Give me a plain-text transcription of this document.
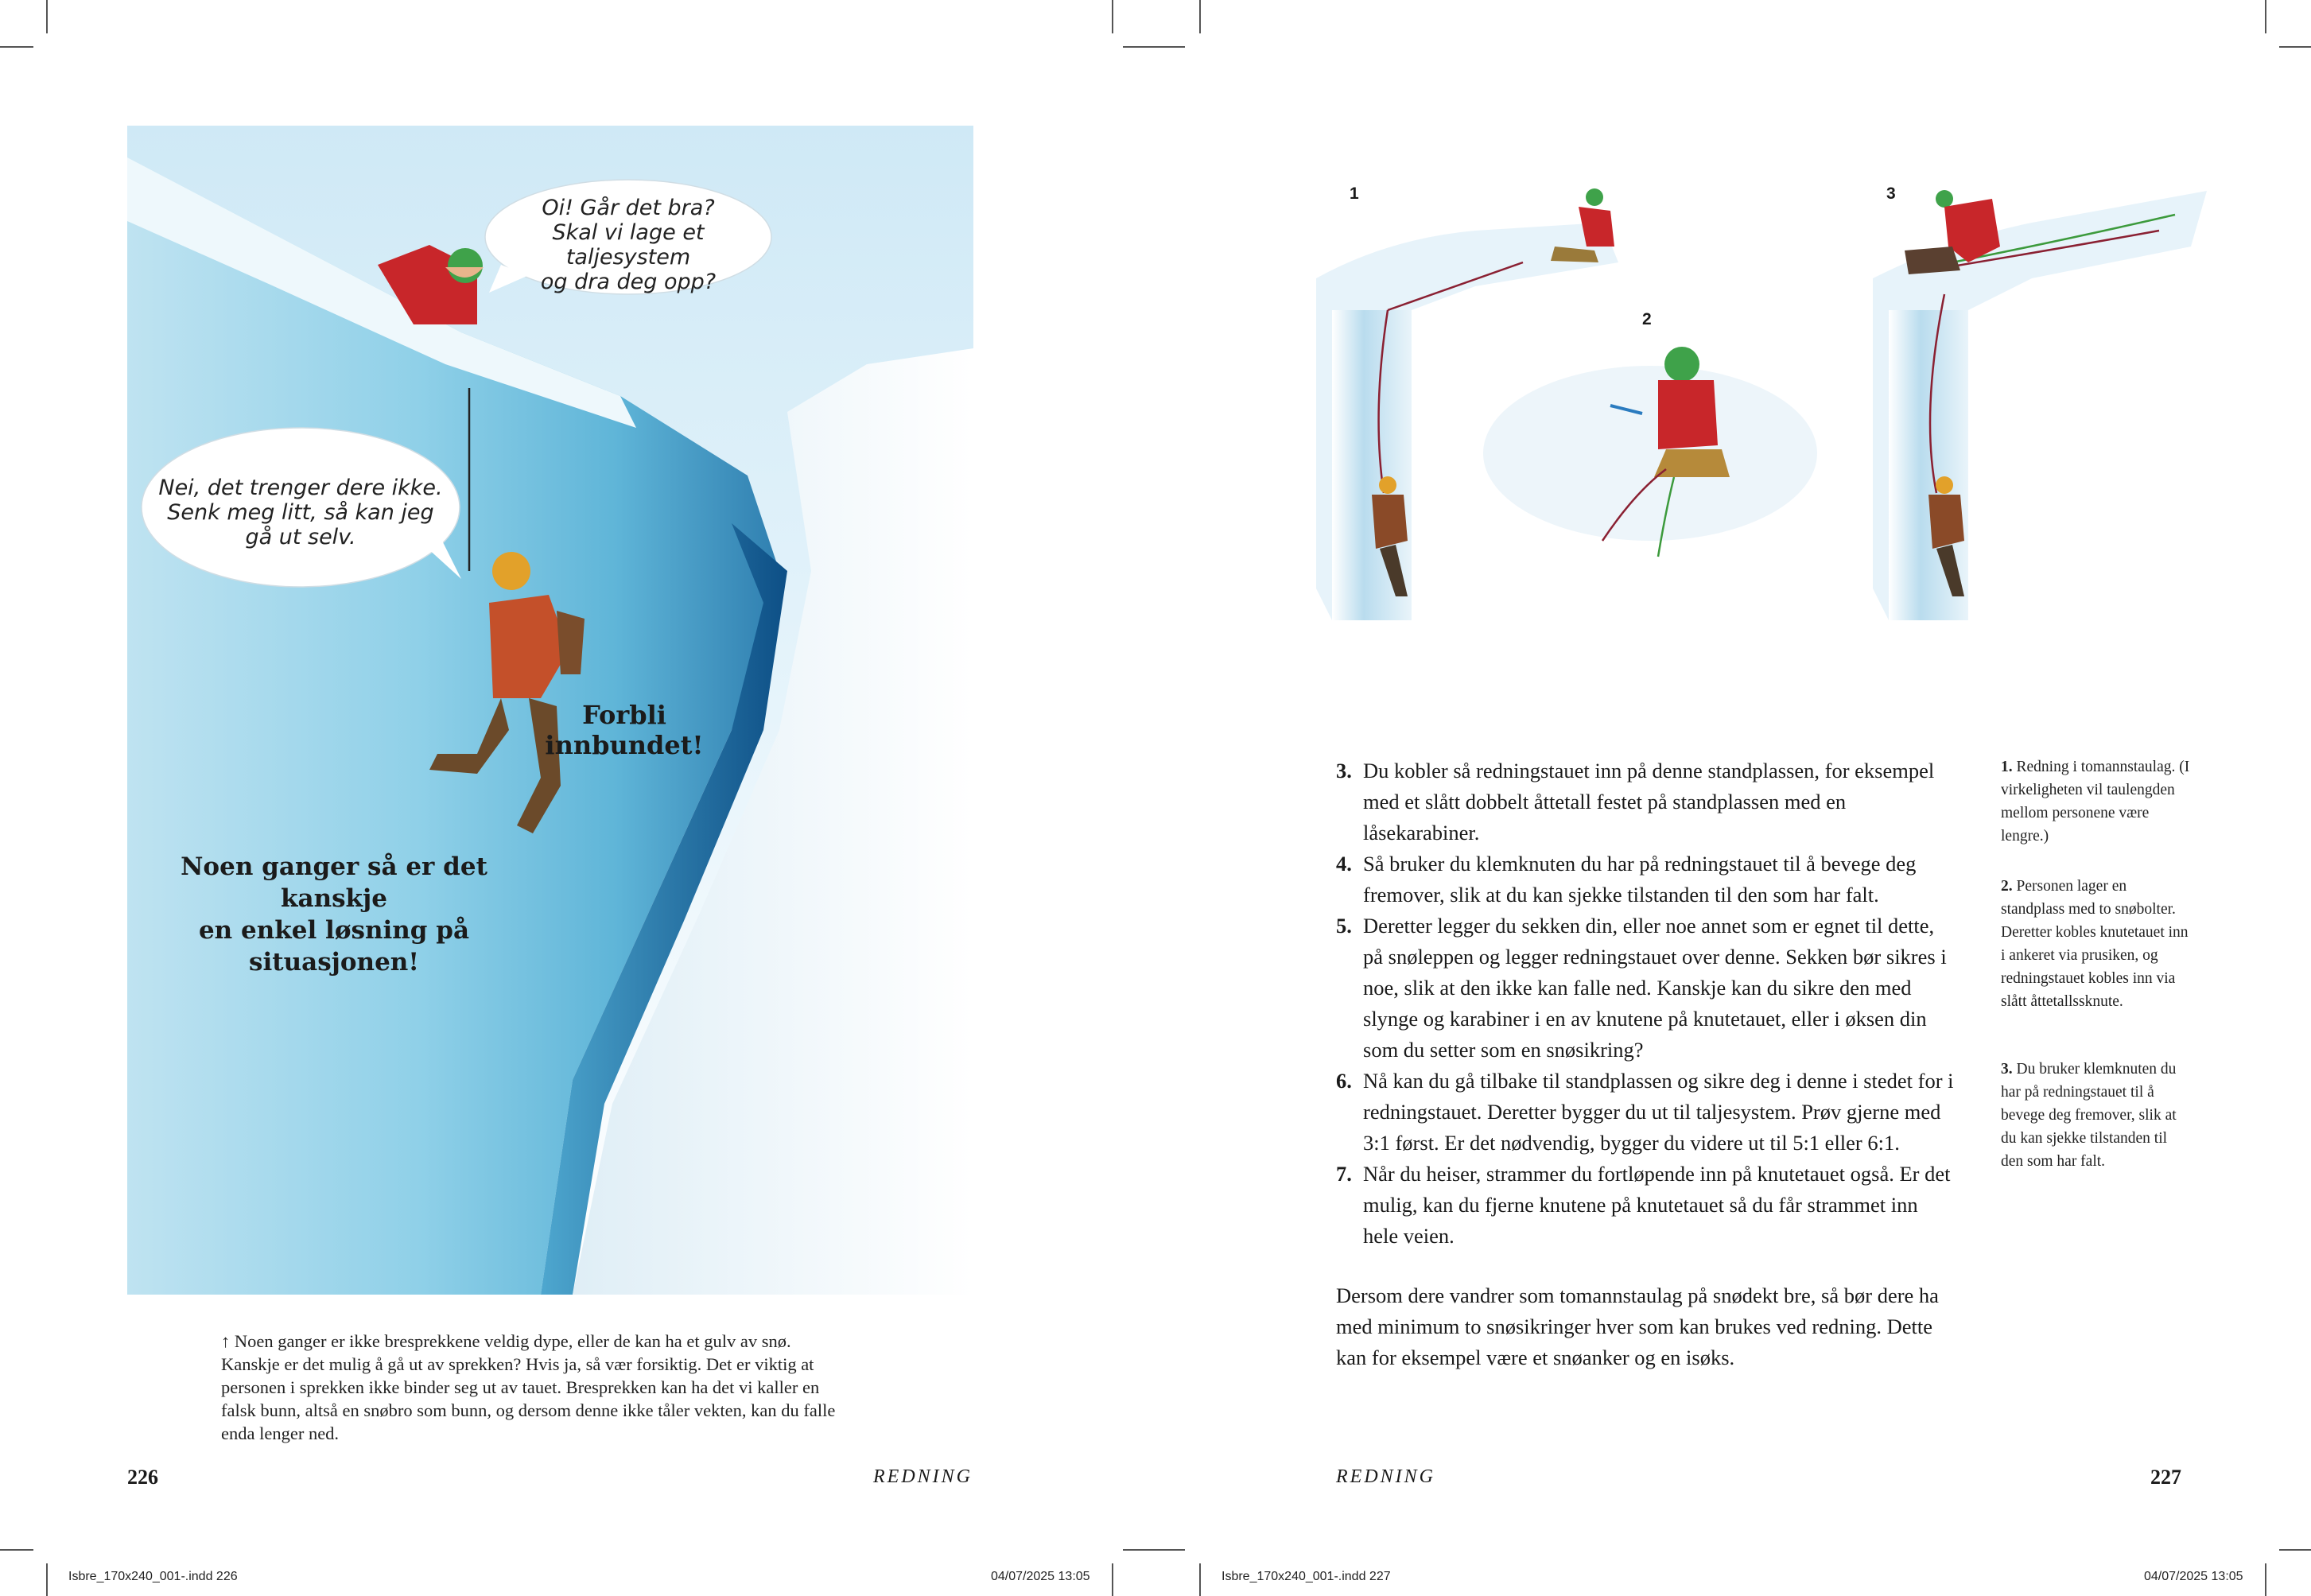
Oi! Går det bra?
Skal vi lage et taljesystem
og dra deg opp?
Nei, det trenger dere ikke.
Senk meg litt, så kan jeg
gå ut selv.
Forbli innbundet!
Noen ganger så er det kanskje
en enkel løsning på situasjonen!
↑ Noen ganger er ikke bresprekkene veldig dype, eller de kan ha et gulv av snø. Kanskje er det mulig å gå ut av sprekken? Hvis ja, så vær forsiktig. Det er viktig at personen i sprekken ikke binder seg ut av tauet. Bresprekken kan ha det vi kaller en falsk bunn, altså en snøbro som bunn, og dersom denne ikke tåler vekten, kan du falle enda lenger ned.
226	REDNING
Isbre_170x240_001-.indd 226	04/07/2025 13:05
1
2
3
3. Du kobler så redningstauet inn på denne standplassen, for eksempel med et slått dobbelt åttetall festet på standplassen med en låsekarabiner.
4. Så bruker du klemknuten du har på redningstauet til å bevege deg fremover, slik at du kan sjekke tilstanden til den som har falt.
5. Deretter legger du sekken din, eller noe annet som er egnet til dette, på snøleppen og legger redningstauet over denne. Sekken bør sikres i noe, slik at den ikke kan falle ned. Kanskje kan du sikre den med slynge og karabiner i en av knutene på knutetauet, eller i øksen din som du setter som en snøsikring?
6. Nå kan du gå tilbake til standplassen og sikre deg i denne i stedet for i redningstauet. Deretter bygger du ut til taljesystem. Prøv gjerne med 3:1 først. Er det nødvendig, bygger du videre ut til 5:1 eller 6:1.
7. Når du heiser, strammer du fortløpende inn på knutetauet også. Er det mulig, kan du fjerne knutene på knutetauet så du får strammet inn hele veien.
Dersom dere vandrer som tomannstaulag på snødekt bre, så bør dere ha med minimum to snøsikringer hver som kan brukes ved redning. Dette kan for eksempel være et snøanker og en isøks.
1. Redning i tomannstaulag. (I virkeligheten vil taulengden mellom personene være lengre.)
2. Personen lager en standplass med to snøbolter. Deretter kobles knutetauet inn i ankeret via prusiken, og redningstauet kobles inn via slått åttetallssknute.
3. Du bruker klemknuten du har på redningstauet til å bevege deg fremover, slik at du kan sjekke tilstanden til den som har falt.
REDNING	227
Isbre_170x240_001-.indd 227	04/07/2025 13:05
